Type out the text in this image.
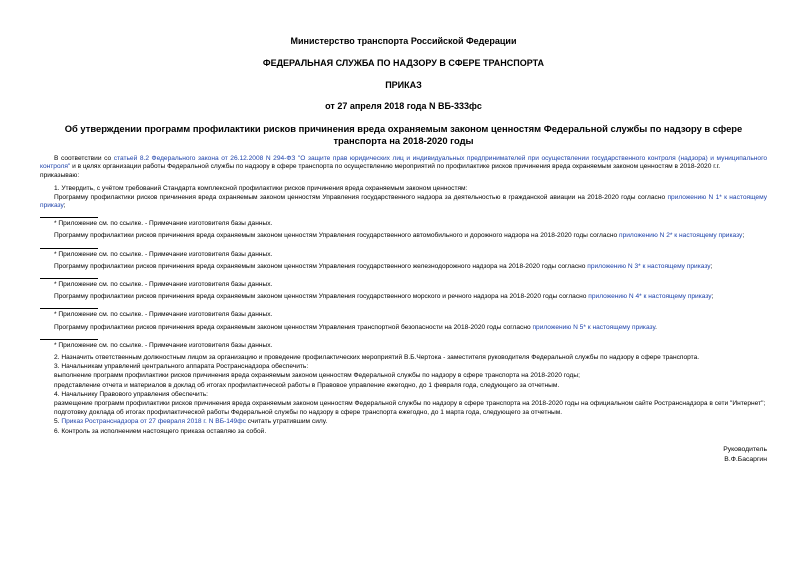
Министерство транспорта Российской Федерации
ФЕДЕРАЛЬНАЯ СЛУЖБА ПО НАДЗОРУ В СФЕРЕ ТРАНСПОРТА
ПРИКАЗ
от 27 апреля 2018 года N ВБ-333фс
Об утверждении программ профилактики рисков причинения вреда охраняемым законом ценностям Федеральной службы по надзору в сфере транспорта на 2018-2020 годы

В соответствии со статьей 8.2 Федерального закона от 26.12.2008 N 294-ФЗ "О защите прав юридических лиц и индивидуальных предпринимателей при осуществлении государственного контроля (надзора) и муниципального контроля" и в целях организации работы Федеральной службы по надзору в сфере транспорта по осуществлению мероприятий по профилактике рисков причинения вреда охраняемым законом ценностям в 2018-2020 г.г.

приказываю:

1. Утвердить, с учётом требований Стандарта комплексной профилактики рисков причинения вреда охраняемым законом ценностям:

Программу профилактики рисков причинения вреда охраняемым законом ценностям Управления государственного надзора за деятельностью в гражданской авиации на 2018-2020 годы согласно приложению N 1* к настоящему приказу;

* Приложение см. по ссылке. - Примечание изготовителя базы данных.

Программу профилактики рисков причинения вреда охраняемым законом ценностям Управления государственного автомобильного и дорожного надзора на 2018-2020 годы согласно приложению N 2* к настоящему приказу;

* Приложение см. по ссылке. - Примечание изготовителя базы данных.

Программу профилактики рисков причинения вреда охраняемым законом ценностям Управления государственного железнодорожного надзора на 2018-2020 годы согласно приложению N 3* к настоящему приказу;

* Приложение см. по ссылке. - Примечание изготовителя базы данных.

Программу профилактики рисков причинения вреда охраняемым законом ценностям Управления государственного морского и речного надзора на 2018-2020 годы согласно приложению N 4* к настоящему приказу;

* Приложение см. по ссылке. - Примечание изготовителя базы данных.

Программу профилактики рисков причинения вреда охраняемым законом ценностям Управления транспортной безопасности на 2018-2020 годы согласно приложению N 5* к настоящему приказу.

* Приложение см. по ссылке. - Примечание изготовителя базы данных.

2. Назначить ответственным должностным лицом за организацию и проведение профилактических мероприятий В.Б.Чертока - заместителя руководителя Федеральной службы по надзору в сфере транспорта.

3. Начальникам управлений центрального аппарата Ространснадзора обеспечить:

выполнение программ профилактики рисков причинения вреда охраняемым законом ценностям Федеральной службы по надзору в сфере транспорта на 2018-2020 годы;

представление отчета и материалов в доклад об итогах профилактической работы в Правовое управление ежегодно, до 1 февраля года, следующего за отчетным.

4. Начальнику Правового управления обеспечить:

размещение программ профилактики рисков причинения вреда охраняемым законом ценностям Федеральной службы по надзору в сфере транспорта на 2018-2020 годы на официальном сайте Ространснадзора в сети "Интернет";

подготовку доклада об итогах профилактической работы Федеральной службы по надзору в сфере транспорта ежегодно, до 1 марта года, следующего за отчетным.

5. Приказ Ространснадзора от 27 февраля 2018 г. N ВБ-149фс считать утратившим силу.

6. Контроль за исполнением настоящего приказа оставляю за собой.

Руководитель
В.Ф.Басаргин
